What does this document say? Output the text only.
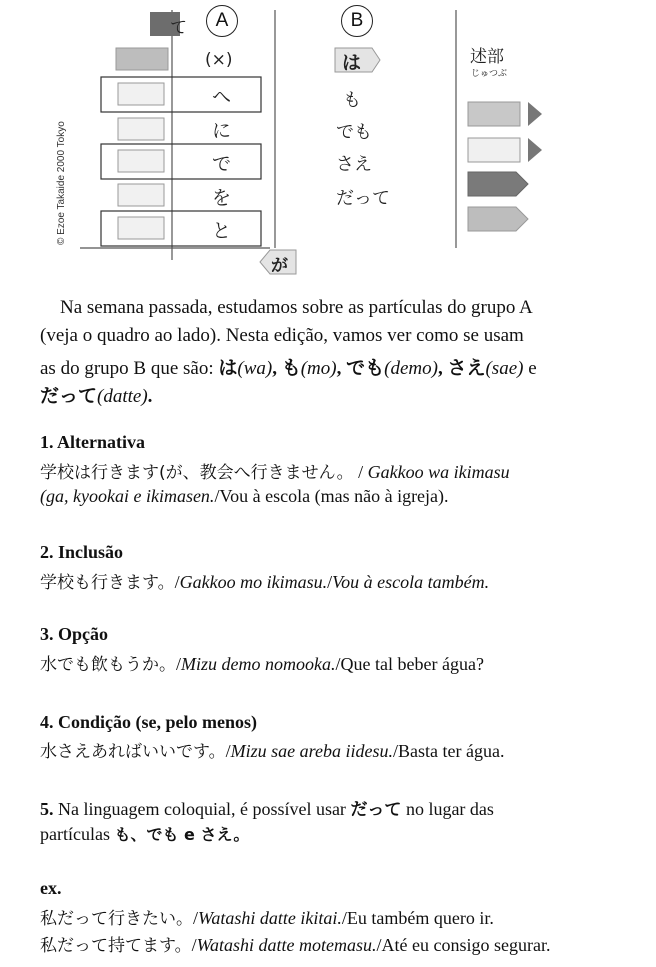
て	A	B
(×)
へ
に
で
を
と
が
は
も
でも
さえ
だって
述部
じゅつぶ
© Ezoe Takaide 2000 Tokyo
Na semana passada, estudamos sobre as partículas do grupo A
(veja o quadro ao lado). Nesta edição, vamos ver como se usam
as do grupo B que são: は(wa), も(mo), でも(demo), さえ(sae) e
だって(datte).
1. Alternativa
学校は行きます(が、教会へ行きません。 / Gakkoo wa ikimasu
(ga, kyookai e ikimasen./Vou à escola (mas não à igreja).
2. Inclusão
学校も行きます。/Gakkoo mo ikimasu./Vou à escola também.
3. Opção
水でも飲もうか。/Mizu demo nomooka./Que tal beber água?
4. Condição (se, pelo menos)
水さえあればいいです。/Mizu sae areba iidesu./Basta ter água.
5. Na linguagem coloquial, é possível usar だって no lugar das
partículas も、でも e さえ。
ex.
私だって行きたい。/Watashi datte ikitai./Eu também quero ir.
私だって持てます。/Watashi datte motemasu./Até eu consigo segurar.
